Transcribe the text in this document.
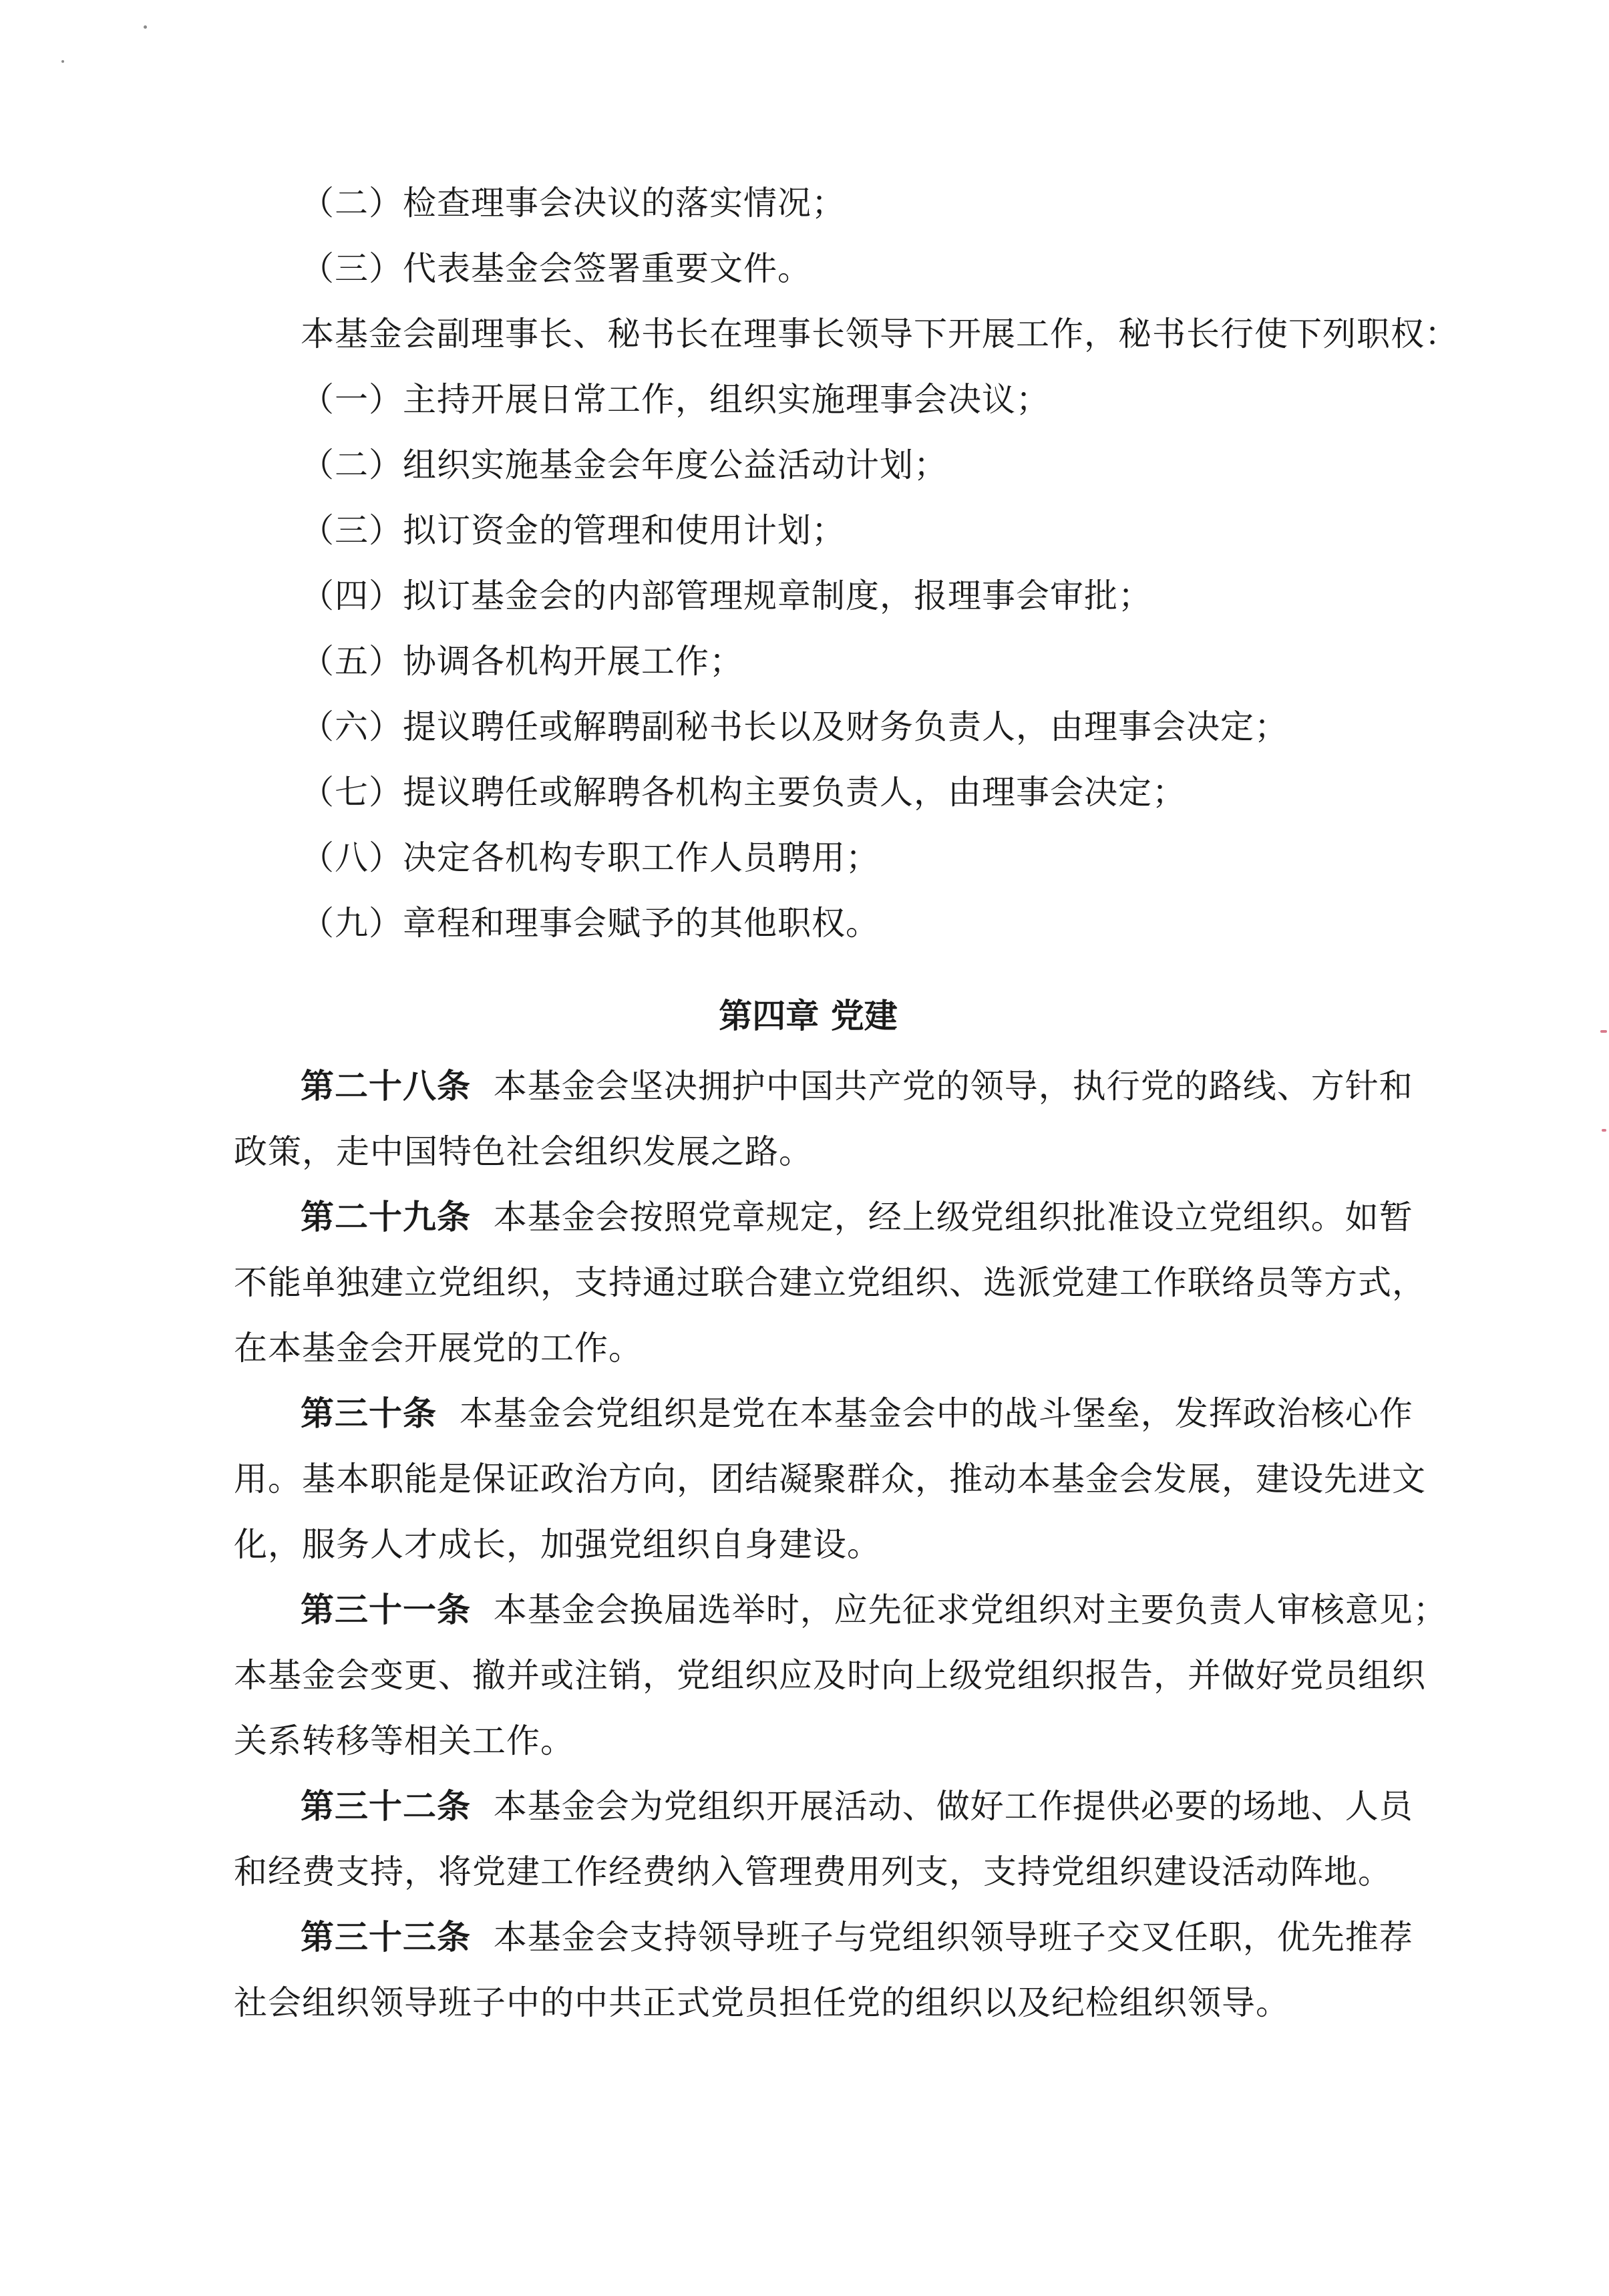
（二）检查理事会决议的落实情况；
（三）代表基金会签署重要文件。
本基金会副理事长、秘书长在理事长领导下开展工作，秘书长行使下列职权：
（一）主持开展日常工作，组织实施理事会决议；
（二）组织实施基金会年度公益活动计划；
（三）拟订资金的管理和使用计划；
（四）拟订基金会的内部管理规章制度，报理事会审批；
（五）协调各机构开展工作；
（六）提议聘任或解聘副秘书长以及财务负责人，由理事会决定；
（七）提议聘任或解聘各机构主要负责人，由理事会决定；
（八）决定各机构专职工作人员聘用；
（九）章程和理事会赋予的其他职权。
第四章 党建
第二十八条 本基金会坚决拥护中国共产党的领导，执行党的路线、方针和
政策，走中国特色社会组织发展之路。
第二十九条 本基金会按照党章规定，经上级党组织批准设立党组织。如暂
不能单独建立党组织，支持通过联合建立党组织、选派党建工作联络员等方式，
在本基金会开展党的工作。
第三十条 本基金会党组织是党在本基金会中的战斗堡垒，发挥政治核心作
用。基本职能是保证政治方向，团结凝聚群众，推动本基金会发展，建设先进文
化，服务人才成长，加强党组织自身建设。
第三十一条 本基金会换届选举时，应先征求党组织对主要负责人审核意见；
本基金会变更、撤并或注销，党组织应及时向上级党组织报告，并做好党员组织
关系转移等相关工作。
第三十二条 本基金会为党组织开展活动、做好工作提供必要的场地、人员
和经费支持，将党建工作经费纳入管理费用列支，支持党组织建设活动阵地。
第三十三条 本基金会支持领导班子与党组织领导班子交叉任职，优先推荐
社会组织领导班子中的中共正式党员担任党的组织以及纪检组织领导。
